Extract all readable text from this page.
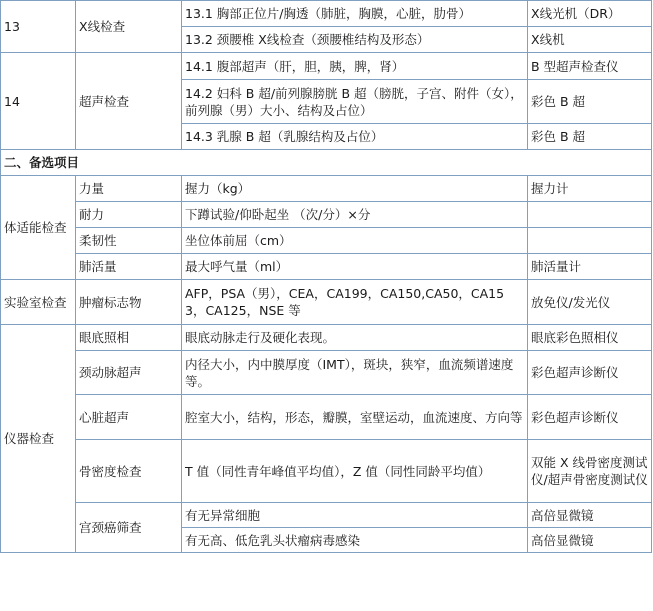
13	X线检查	13.1 胸部正位片/胸透（肺脏，胸膜，心脏，肋骨）	X线光机（DR）
		13.2 颈腰椎 X线检查（颈腰椎结构及形态）	X线机
14	超声检查	14.1 腹部超声（肝，胆，胰，脾，肾）	B 型超声检查仪
		14.2 妇科 B 超/前列腺膀胱 B 超（膀胱，子宫、附件（女），前列腺（男）大小、结构及占位）	彩色 B 超
		14.3 乳腺 B 超（乳腺结构及占位）	彩色 B 超
二、备选项目			
体适能检查	力量	握力（kg）	握力计
	耐力	下蹲试验/仰卧起坐 （次/分）×分	
	柔韧性	坐位体前屈（cm）	
	肺活量	最大呼气量（ml）	肺活量计
实验室检查	肿瘤标志物	AFP，PSA（男），CEA，CA199，CA150,CA50，CA153，CA125，NSE 等	放免仪/发光仪
仪器检查	眼底照相	眼底动脉走行及硬化表现。	眼底彩色照相仪
	颈动脉超声	内径大小，内中膜厚度（IMT），斑块，狭窄，血流频谱速度等。	彩色超声诊断仪
	心脏超声	腔室大小，结构，形态，瓣膜，室壁运动，血流速度、方向等	彩色超声诊断仪
	骨密度检查	T 值（同性青年峰值平均值），Z 值（同性同龄平均值）	双能 X 线骨密度测试仪/超声骨密度测试仪
	宫颈癌筛查	有无异常细胞	高倍显微镜
		有无高、低危乳头状瘤病毒感染	高倍显微镜
